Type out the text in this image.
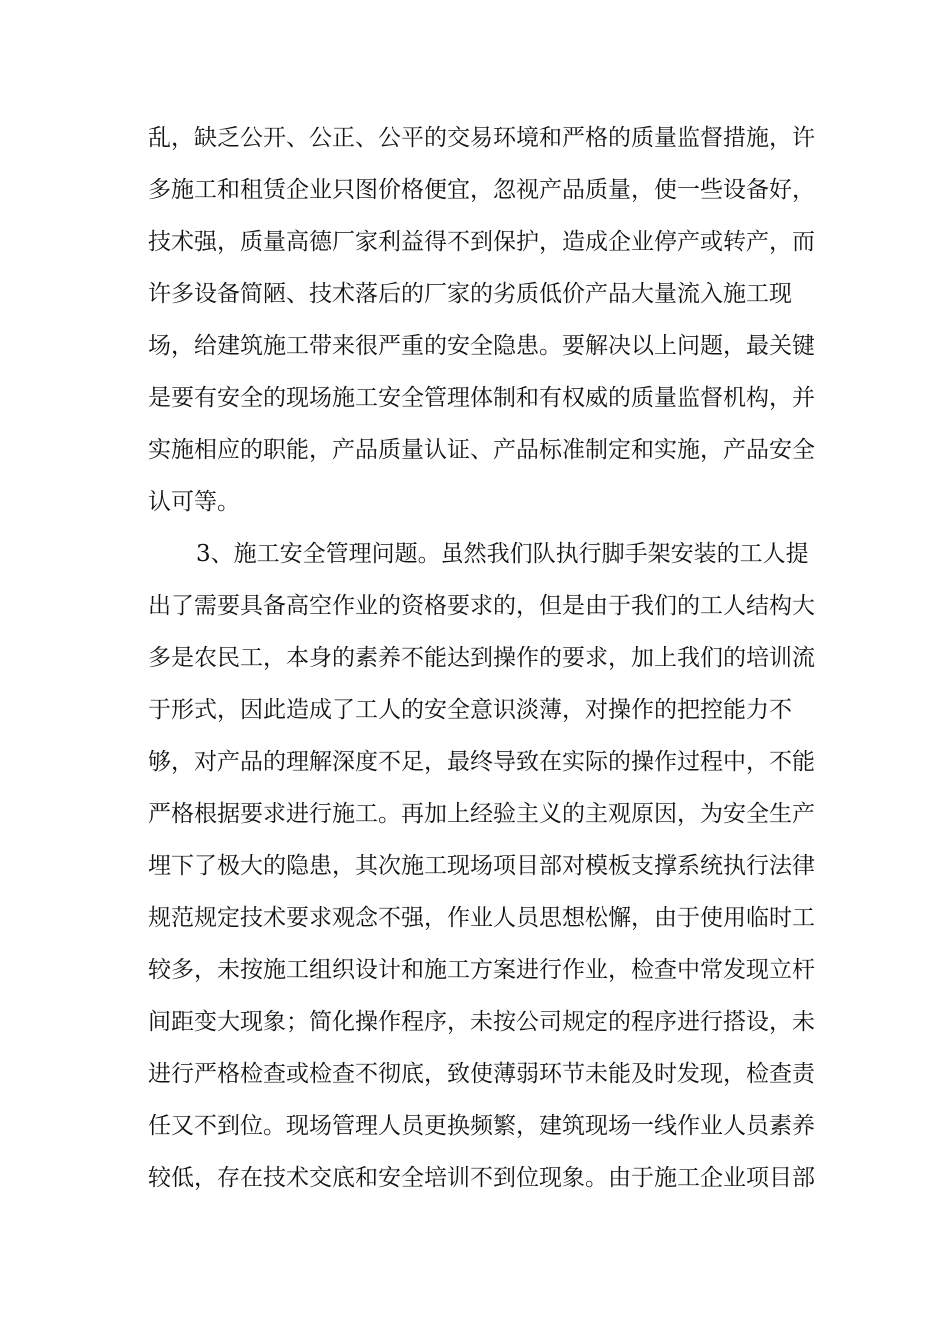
乱，缺乏公开、公正、公平的交易环境和严格的质量监督措施，许
多施工和租赁企业只图价格便宜，忽视产品质量，使一些设备好，
技术强，质量高德厂家利益得不到保护，造成企业停产或转产，而
许多设备简陋、技术落后的厂家的劣质低价产品大量流入施工现
场，给建筑施工带来很严重的安全隐患。要解决以上问题，最关键
是要有安全的现场施工安全管理体制和有权威的质量监督机构，并
实施相应的职能，产品质量认证、产品标准制定和实施，产品安全
认可等。
3、施工安全管理问题。虽然我们队执行脚手架安装的工人提
出了需要具备高空作业的资格要求的，但是由于我们的工人结构大
多是农民工，本身的素养不能达到操作的要求，加上我们的培训流
于形式，因此造成了工人的安全意识淡薄，对操作的把控能力不
够，对产品的理解深度不足，最终导致在实际的操作过程中，不能
严格根据要求进行施工。再加上经验主义的主观原因，为安全生产
埋下了极大的隐患，其次施工现场项目部对模板支撑系统执行法律
规范规定技术要求观念不强，作业人员思想松懈，由于使用临时工
较多，未按施工组织设计和施工方案进行作业，检查中常发现立杆
间距变大现象；简化操作程序，未按公司规定的程序进行搭设，未
进行严格检查或检查不彻底，致使薄弱环节未能及时发现，检查责
任又不到位。现场管理人员更换频繁，建筑现场一线作业人员素养
较低，存在技术交底和安全培训不到位现象。由于施工企业项目部
